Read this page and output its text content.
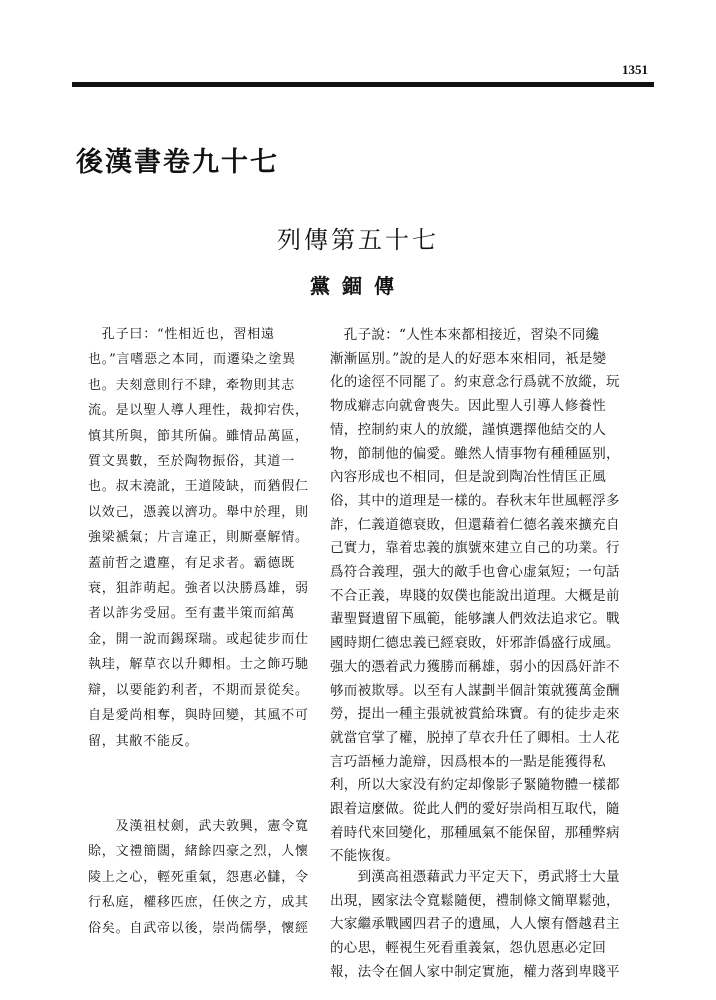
1351
後漢書卷九十七
列傳第五十七
黨錮傳
　孔子曰：“性相近也，習相遠
也。”言嗜惡之本同，而遷染之塗異
也。夫刻意則行不肆，牽物則其志
流。是以聖人導人理性，裁抑宕佚，
慎其所與，節其所偏。雖情品萬區，
質文異數，至於陶物振俗，其道一
也。叔末澆訛，王道陵缺，而猶假仁
以效己，憑義以濟功。舉中於理，則
強梁褫氣；片言違正，則厮臺解情。
蓋前哲之遺塵，有足求者。霸德既
衰，狙詐萌起。強者以決勝爲雄，弱
者以詐劣受屈。至有畫半策而綰萬
金，開一說而錫琛瑞。或起徒步而仕
執珪，解草衣以升卿相。士之飾巧馳
辯，以要能釣利者，不期而景從矣。
自是愛尚相奪，與時回變，其風不可
留，其敝不能反。
　　及漢祖杖劍，武夫敦興，憲令寬
賒，文禮簡闊，緒餘四豪之烈，人懷
陵上之心，輕死重氣，怨惠必讎，令
行私庭，權移匹庶，任俠之方，成其
俗矣。自武帝以後，崇尚儒學，懷經
　孔子說：“人性本來都相接近，習染不同纔
漸漸區別。”說的是人的好惡本來相同，衹是變
化的途徑不同罷了。約束意念行爲就不放縱，玩
物成癖志向就會喪失。因此聖人引導人修養性
情，控制約束人的放縱，謹慎選擇他結交的人
物，節制他的偏愛。雖然人情事物有種種區别，
內容形成也不相同，但是說到陶冶性情匡正風
俗，其中的道理是一樣的。春秋末年世風輕浮多
詐，仁義道德衰敗，但還藉着仁德名義來擴充自
己實力，靠着忠義的旗號來建立自己的功業。行
爲符合義理，强大的敵手也會心虚氣短；一句話
不合正義，卑賤的奴僕也能說出道理。大概是前
輩聖賢遺留下風範，能够讓人們效法追求它。戰
國時期仁德忠義已經衰敗，奸邪詐僞盛行成風。
强大的憑着武力獲勝而稱雄，弱小的因爲奸詐不
够而被欺辱。以至有人謀劃半個計策就獲萬金酬
勞，提出一種主張就被賞給珠寶。有的徒步走來
就當官掌了權，脱掉了草衣升任了卿相。士人花
言巧語極力詭辯，因爲根本的一點是能獲得私
利，所以大家没有約定却像影子緊隨物體一樣都
跟着這麼做。從此人們的愛好崇尚相互取代，隨
着時代來回變化，那種風氣不能保留，那種弊病
不能恢復。
　　到漢高祖憑藉武力平定天下，勇武將士大量
出現，國家法令寬鬆隨便，禮制條文簡單鬆弛，
大家繼承戰國四君子的遺風，人人懷有僭越君主
的心思，輕視生死看重義氣，怨仇恩惠必定回
報，法令在個人家中制定實施，權力落到卑賤平
